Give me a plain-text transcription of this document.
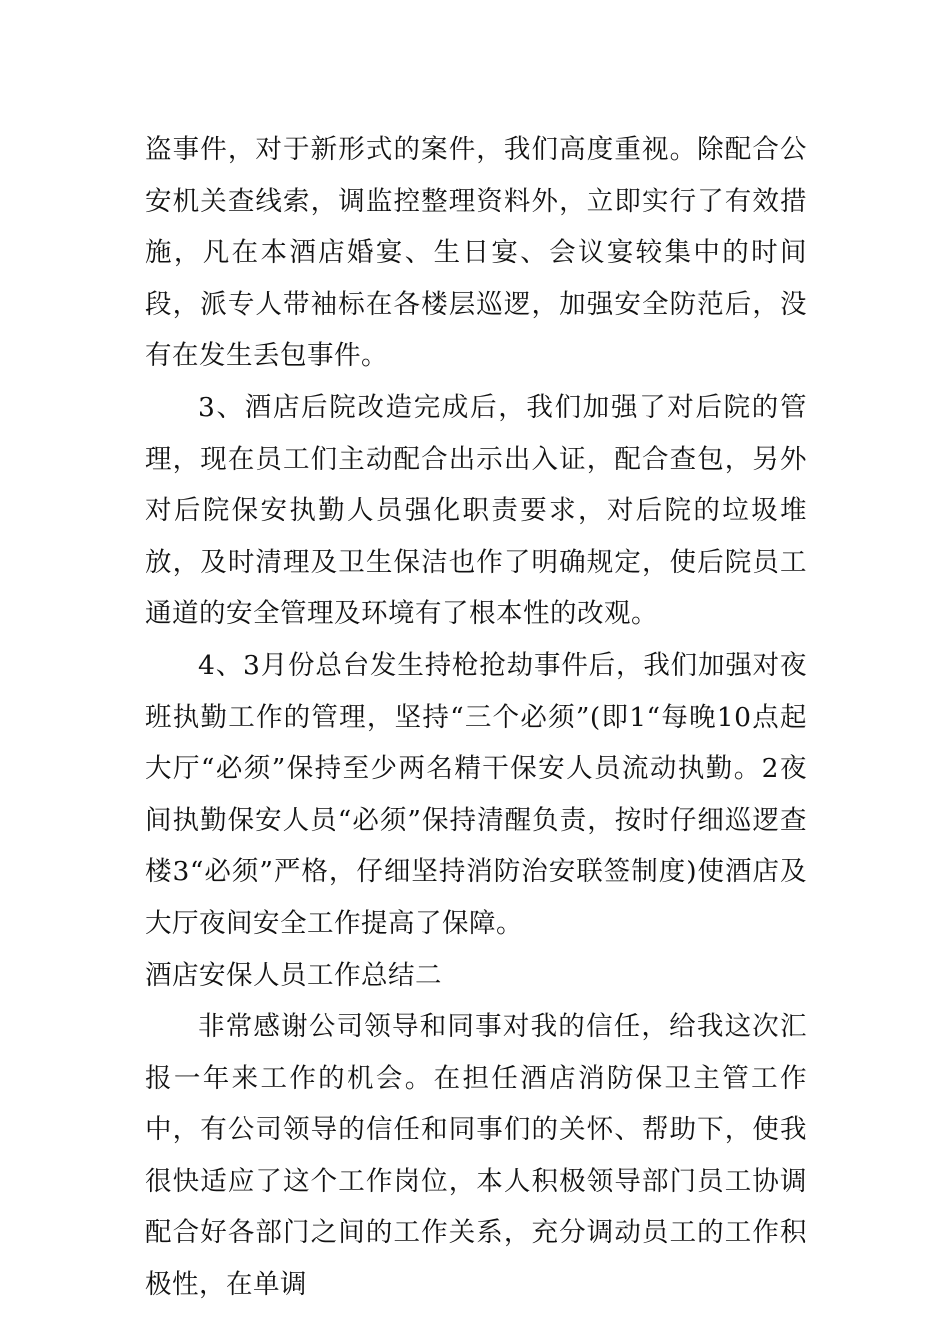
盗事件，对于新形式的案件，我们高度重视。除配合公安机关查线索，调监控整理资料外，立即实行了有效措施，凡在本酒店婚宴、生日宴、会议宴较集中的时间段，派专人带袖标在各楼层巡逻，加强安全防范后，没有在发生丢包事件。

3、酒店后院改造完成后，我们加强了对后院的管理，现在员工们主动配合出示出入证，配合查包，另外对后院保安执勤人员强化职责要求，对后院的垃圾堆放，及时清理及卫生保洁也作了明确规定，使后院员工通道的安全管理及环境有了根本性的改观。

4、3月份总台发生持枪抢劫事件后，我们加强对夜班执勤工作的管理，坚持“三个必须”(即1“每晚10点起大厅“必须”保持至少两名精干保安人员流动执勤。2夜间执勤保安人员“必须”保持清醒负责，按时仔细巡逻查楼3“必须”严格，仔细坚持消防治安联签制度)使酒店及大厅夜间安全工作提高了保障。

酒店安保人员工作总结二

非常感谢公司领导和同事对我的信任，给我这次汇报一年来工作的机会。在担任酒店消防保卫主管工作中，有公司领导的信任和同事们的关怀、帮助下，使我很快适应了这个工作岗位，本人积极领导部门员工协调配合好各部门之间的工作关系，充分调动员工的工作积极性，在单调
